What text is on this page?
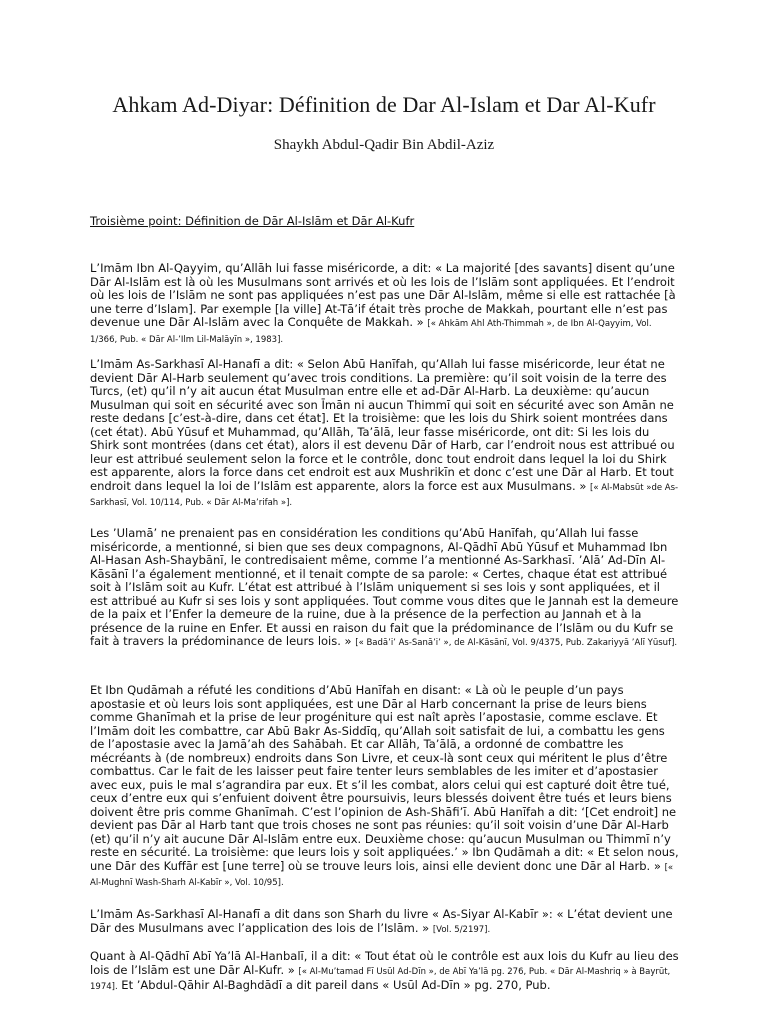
Ahkam Ad-Diyar: Définition de Dar Al-Islam et Dar Al-Kufr

Shaykh Abdul-Qadir Bin Abdil-Aziz

Troisième point: Définition de Dār Al-Islām et Dār Al-Kufr

L’Imām Ibn Al-Qayyim, qu’Allāh lui fasse miséricorde, a dit: « La majorité [des savants] disent qu’une Dār Al-Islām est là où les Musulmans sont arrivés et où les lois de l’Islām sont appliquées. Et l’endroit où les lois de l’Islām ne sont pas appliquées n’est pas une Dār Al-Islām, même si elle est rattachée [à une terre d’Islam]. Par exemple [la ville] At-Tā’if était très proche de Makkah, pourtant elle n’est pas devenue une Dār Al-Islām avec la Conquête de Makkah. » [« Ahkām Ahl Ath-Thimmah », de Ibn Al-Qayyim, Vol. 1/366, Pub. « Dār Al-’Ilm Lil-Malāyīn », 1983].

L’Imām As-Sarkhasī Al-Hanafī a dit: « Selon Abū Hanīfah, qu’Allah lui fasse miséricorde, leur état ne devient Dār Al-Harb seulement qu’avec trois conditions. La première: qu’il soit voisin de la terre des Turcs, (et) qu’il n’y ait aucun état Musulman entre elle et ad-Dār Al-Harb. La deuxième: qu’aucun Musulman qui soit en sécurité avec son Īmān ni aucun Thimmī qui soit en sécurité avec son Amān ne reste dedans [c’est-à-dire, dans cet état]. Et la troisième: que les lois du Shirk soient montrées dans (cet état). Abū Yūsuf et Muhammad, qu’Allāh, Ta’ālā, leur fasse miséricorde, ont dit: Si les lois du Shirk sont montrées (dans cet état), alors il est devenu Dār of Harb, car l’endroit nous est attribué ou leur est attribué seulement selon la force et le contrôle, donc tout endroit dans lequel la loi du Shirk est apparente, alors la force dans cet endroit est aux Mushrikīn et donc c’est une Dār al Harb. Et tout endroit dans lequel la loi de l’Islām est apparente, alors la force est aux Musulmans. » [« Al-Mabsūt »de As-Sarkhasī, Vol. 10/114, Pub. « Dār Al-Ma’rifah »].

Les ’Ulamā’ ne prenaient pas en considération les conditions qu’Abū Hanīfah, qu’Allah lui fasse miséricorde, a mentionné, si bien que ses deux compagnons, Al-Qādhī Abū Yūsuf et Muhammad Ibn Al-Hasan Ash-Shaybānī, le contredisaient même, comme l’a mentionné As-Sarkhasī. ’Alā’ Ad-Dīn Al-Kāsānī l’a également mentionné, et il tenait compte de sa parole: « Certes, chaque état est attribué soit à l’Islām soit au Kufr. L’état est attribué à l’Islām uniquement si ses lois y sont appliquées, et il est attribué au Kufr si ses lois y sont appliquées. Tout comme vous dites que le Jannah est la demeure de la paix et l’Enfer la demeure de la ruine, due à la présence de la perfection au Jannah et à la présence de la ruine en Enfer. Et aussi en raison du fait que la prédominance de l’Islām ou du Kufr se fait à travers la prédominance de leurs lois. » [« Badā’i’ As-Sanā’i’ », de Al-Kāsānī, Vol. 9/4375, Pub. Zakariyyā ’Alī Yūsuf].

Et Ibn Qudāmah a réfuté les conditions d’Abū Hanīfah en disant: « Là où le peuple d’un pays apostasie et où leurs lois sont appliquées, est une Dār al Harb concernant la prise de leurs biens comme Ghanīmah et la prise de leur progéniture qui est naît après l’apostasie, comme esclave. Et l’Imām doit les combattre, car Abū Bakr As-Siddīq, qu’Allah soit satisfait de lui, a combattu les gens de l’apostasie avec la Jamā’ah des Sahābah. Et car Allāh, Ta’ālā, a ordonné de combattre les mécréants à (de nombreux) endroits dans Son Livre, et ceux-là sont ceux qui méritent le plus d’être combattus. Car le fait de les laisser peut faire tenter leurs semblables de les imiter et d’apostasier avec eux, puis le mal s’agrandira par eux. Et s’il les combat, alors celui qui est capturé doit être tué, ceux d’entre eux qui s’enfuient doivent être poursuivis, leurs blessés doivent être tués et leurs biens doivent être pris comme Ghanīmah. C’est l’opinion de Ash-Shāfi’ī. Abū Hanīfah a dit: ‘[Cet endroit] ne devient pas Dār al Harb tant que trois choses ne sont pas réunies: qu’il soit voisin d’une Dār Al-Harb (et) qu’il n’y ait aucune Dār Al-Islām entre eux. Deuxième chose: qu’aucun Musulman ou Thimmī n’y reste en sécurité. La troisième: que leurs lois y soit appliquées.’ » Ibn Qudāmah a dit: « Et selon nous, une Dār des Kuffār est [une terre] où se trouve leurs lois, ainsi elle devient donc une Dār al Harb. » [« Al-Mughnī Wash-Sharh Al-Kabīr », Vol. 10/95].

L’Imām As-Sarkhasī Al-Hanafī a dit dans son Sharh du livre « As-Siyar Al-Kabīr »: « L’état devient une Dār des Musulmans avec l’application des lois de l’Islām. » [Vol. 5/2197].

Quant à Al-Qādhī Abī Ya’lā Al-Hanbalī, il a dit: « Tout état où le contrôle est aux lois du Kufr au lieu des lois de l’Islām est une Dār Al-Kufr. » [« Al-Mu’tamad Fī Usūl Ad-Dīn », de Abī Ya’lā pg. 276, Pub. « Dār Al-Mashriq » à Bayrūt, 1974]. Et ’Abdul-Qāhir Al-Baghdādī a dit pareil dans « Usūl Ad-Dīn » pg. 270, Pub.
